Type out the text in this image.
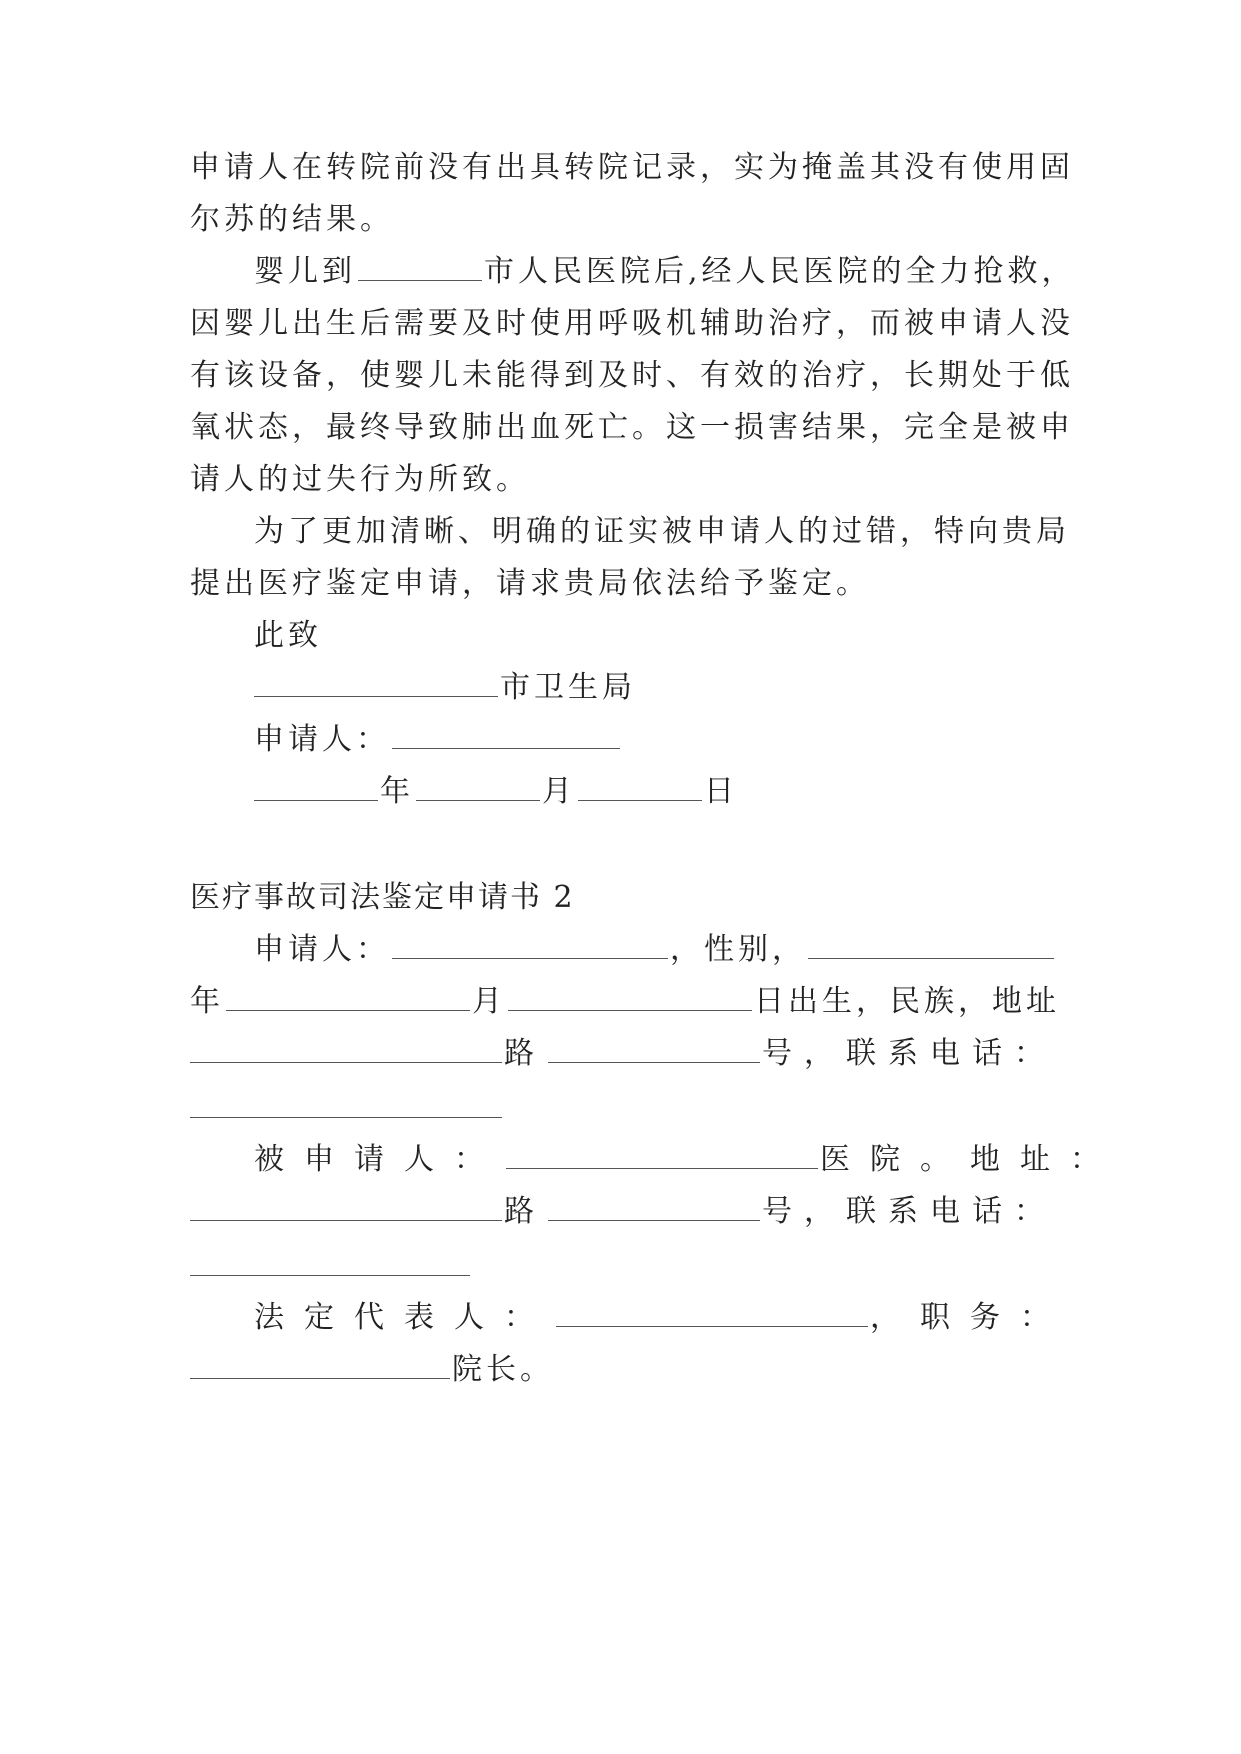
申请人在转院前没有出具转院记录，实为掩盖其没有使用固
尔苏的结果。
婴儿到	市人民医院后,经人民医院的全力抢救，
因婴儿出生后需要及时使用呼吸机辅助治疗，而被申请人没
有该设备，使婴儿未能得到及时、有效的治疗，长期处于低
氧状态，最终导致肺出血死亡。这一损害结果，完全是被申
请人的过失行为所致。
为了更加清晰、明确的证实被申请人的过错，特向贵局
提出医疗鉴定申请，请求贵局依法给予鉴定。
此致
市卫生局
申请人：
年	月	日
医疗事故司法鉴定申请书 2
申请人：	，性别，
年	月	日出生，民族，地址
路	号，联系电话：
被申请人：	医院。地址：
路	号，联系电话：
法定代表人：	，职务：
院长。
